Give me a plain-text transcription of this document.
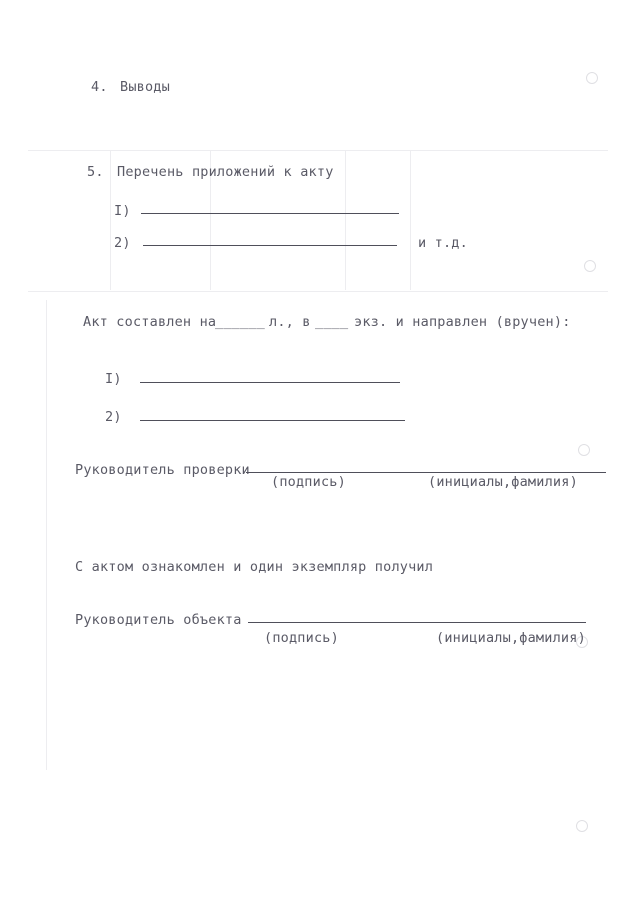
4. Выводы
5. Перечень приложений к акту
I)
2)	и т.д.
Акт составлен на
______ л., в ____ экз. и направлен (вручен):
I)
2)
Руководитель проверки
(подпись)	(инициалы,фамилия)
С актом ознакомлен и один экземпляр получил
Руководитель объекта
(подпись)	(инициалы,фамилия)
